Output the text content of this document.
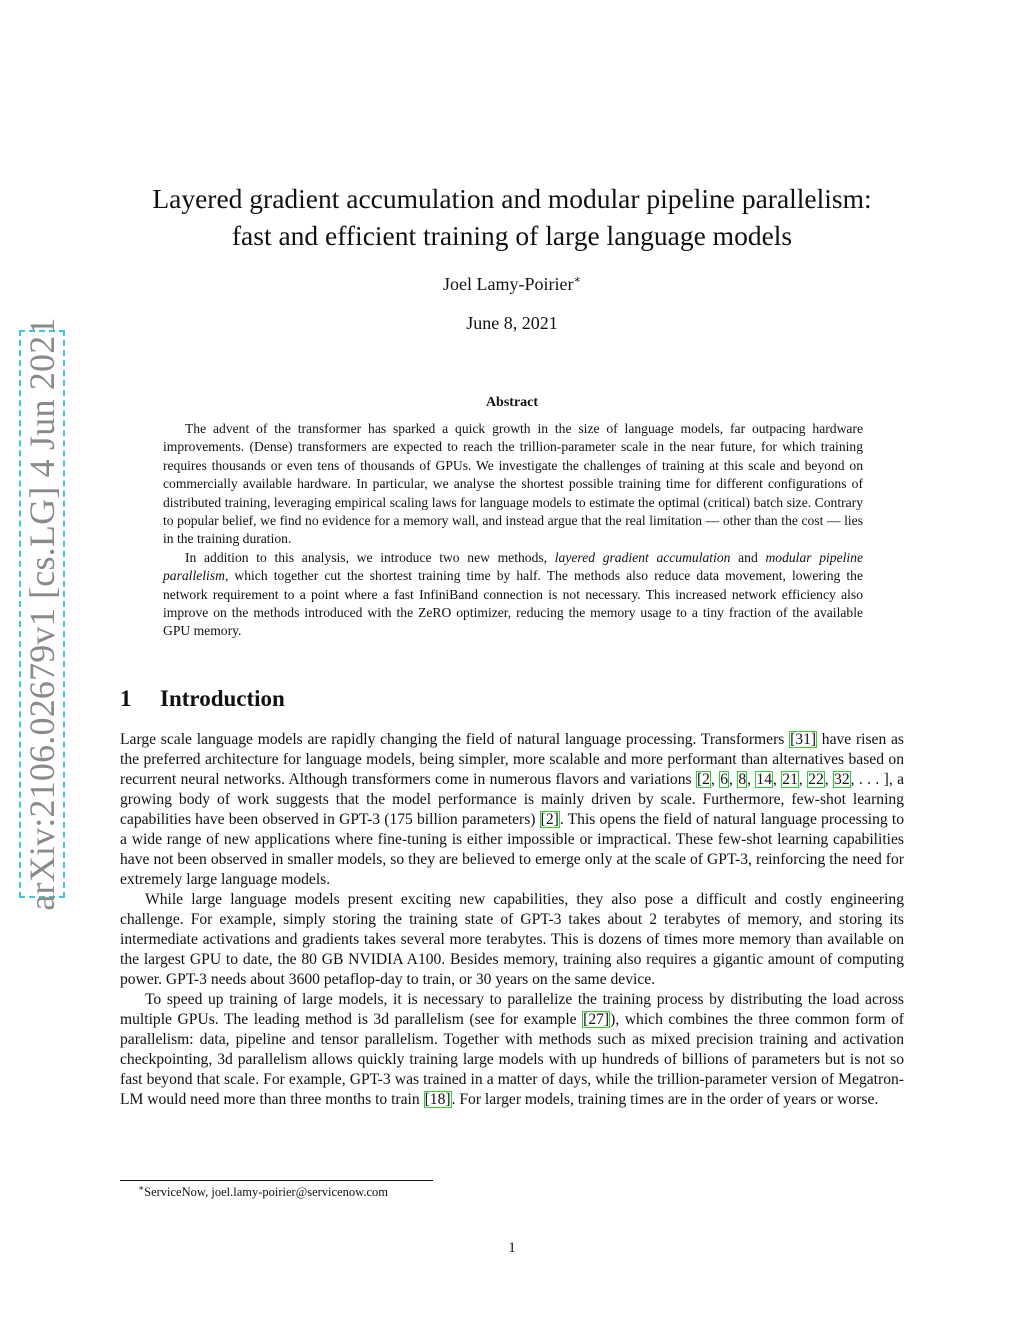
arXiv:2106.02679v1 [cs.LG] 4 Jun 2021
Layered gradient accumulation and modular pipeline parallelism:
fast and efficient training of large language models
Joel Lamy-Poirier∗
June 8, 2021
Abstract

The advent of the transformer has sparked a quick growth in the size of language models, far outpacing hardware improvements. (Dense) transformers are expected to reach the trillion-parameter scale in the near future, for which training requires thousands or even tens of thousands of GPUs. We investigate the challenges of training at this scale and beyond on commercially available hardware. In particular, we analyse the shortest possible training time for different configurations of distributed training, leveraging empirical scaling laws for language models to estimate the optimal (critical) batch size. Contrary to popular belief, we find no evidence for a memory wall, and instead argue that the real limitation — other than the cost — lies in the training duration.

In addition to this analysis, we introduce two new methods, layered gradient accumulation and modular pipeline parallelism, which together cut the shortest training time by half. The methods also reduce data movement, lowering the network requirement to a point where a fast InfiniBand connection is not necessary. This increased network efficiency also improve on the methods introduced with the ZeRO optimizer, reducing the memory usage to a tiny fraction of the available GPU memory.

1 Introduction

Large scale language models are rapidly changing the field of natural language processing. Transformers [31] have risen as the preferred architecture for language models, being simpler, more scalable and more performant than alternatives based on recurrent neural networks. Although transformers come in numerous flavors and variations [2, 6, 8, 14, 21, 22, 32, . . . ], a growing body of work suggests that the model performance is mainly driven by scale. Furthermore, few-shot learning capabilities have been observed in GPT-3 (175 billion parameters) [2]. This opens the field of natural language processing to a wide range of new applications where fine-tuning is either impossible or impractical. These few-shot learning capabilities have not been observed in smaller models, so they are believed to emerge only at the scale of GPT-3, reinforcing the need for extremely large language models.

While large language models present exciting new capabilities, they also pose a difficult and costly engineering challenge. For example, simply storing the training state of GPT-3 takes about 2 terabytes of memory, and storing its intermediate activations and gradients takes several more terabytes. This is dozens of times more memory than available on the largest GPU to date, the 80 GB NVIDIA A100. Besides memory, training also requires a gigantic amount of computing power. GPT-3 needs about 3600 petaflop-day to train, or 30 years on the same device.

To speed up training of large models, it is necessary to parallelize the training process by distributing the load across multiple GPUs. The leading method is 3d parallelism (see for example [27]), which combines the three common form of parallelism: data, pipeline and tensor parallelism. Together with methods such as mixed precision training and activation checkpointing, 3d parallelism allows quickly training large models with up hundreds of billions of parameters but is not so fast beyond that scale. For example, GPT-3 was trained in a matter of days, while the trillion-parameter version of Megatron-LM would need more than three months to train [18]. For larger models, training times are in the order of years or worse.

∗ServiceNow, joel.lamy-poirier@servicenow.com
1
